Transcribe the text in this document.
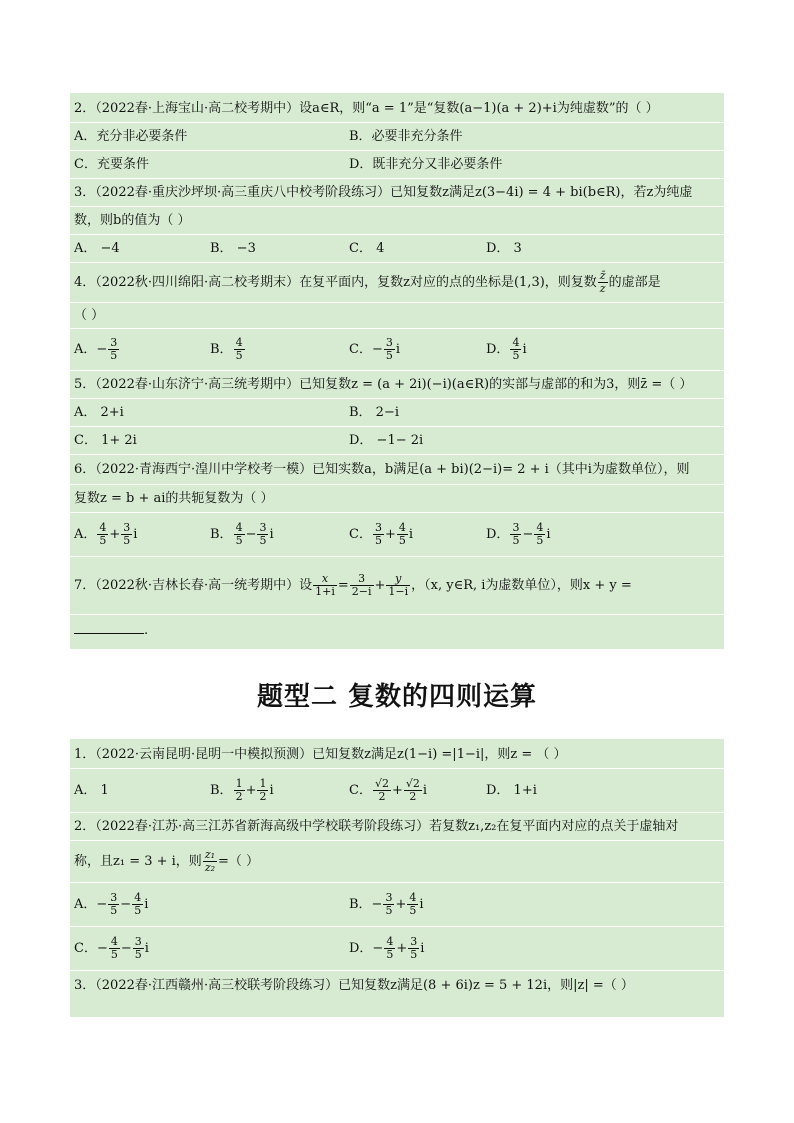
2．（2022春·上海宝山·高二校考期中）设a∈R，则“a = 1”是“复数(a−1)(a + 2)+i为纯虚数”的（ ）
A．充分非必要条件	B．必要非充分条件
C．充要条件	D．既非充分又非必要条件
3．（2022春·重庆沙坪坝·高三重庆八中校考阶段练习）已知复数z满足z(3−4i) = 4 + bi(b∈R)，若z为纯虚
数，则b的值为（ ）
A． −4	B． −3	C． 4	D． 3
4．（2022秋·四川绵阳·高二校考期末）在复平面内，复数z对应的点的坐标是(1,3)，则复数 $\frac{z̄}{z}$ 的虚部是
（ ）
A．− $\frac{3}{5}$	B． $\frac{4}{5}$	C．− $\frac{3}{5}$ i	D． $\frac{4}{5}$ i
5．（2022春·山东济宁·高三统考期中）已知复数z = (a + 2i)(−i)(a∈R)的实部与虚部的和为3，则z̄ =（ ）
A． 2+i	B． 2−i
C． 1+ 2i	D． −1− 2i
6．（2022·青海西宁·湟川中学校考一模）已知实数a，b满足(a + bi)(2−i)= 2 + i（其中i为虚数单位），则
复数z = b + ai的共轭复数为（ ）
A． $\frac{4}{5} + \frac{3}{5}$ i	B． $\frac{4}{5} - \frac{3}{5}$ i	C． $\frac{3}{5} + \frac{4}{5}$ i	D． $\frac{3}{5} - \frac{4}{5}$ i
7．（2022秋·吉林长春·高一统考期中）设 $\frac{x}{1+i} = \frac{3}{2-i} + \frac{y}{1-i}$ ，（x, y∈R, i为虚数单位），则x + y =
.
题型二 复数的四则运算
1．（2022·云南昆明·昆明一中模拟预测）已知复数z满足z(1−i) =|1−i|，则z = （ ）
A． 1	B． $\frac{1}{2} + \frac{1}{2}$ i	C． $\frac{√2}{2} + \frac{√2}{2}$ i	D． 1+i
2．（2022春·江苏·高三江苏省新海高级中学校联考阶段练习）若复数z₁,z₂在复平面内对应的点关于虚轴对
称，且z₁ = 3 + i，则 $\frac{\text{z₁}}{\text{z₂}}$ =（ ）
A．− $\frac{3}{5} - \frac{4}{5}$ i	B．− $\frac{3}{5} + \frac{4}{5}$ i
C．− $\frac{4}{5} - \frac{3}{5}$ i	D．− $\frac{4}{5} + \frac{3}{5}$ i
3．（2022春·江西赣州·高三校联考阶段练习）已知复数z满足(8 + 6i)z = 5 + 12i，则|z| =（ ）
